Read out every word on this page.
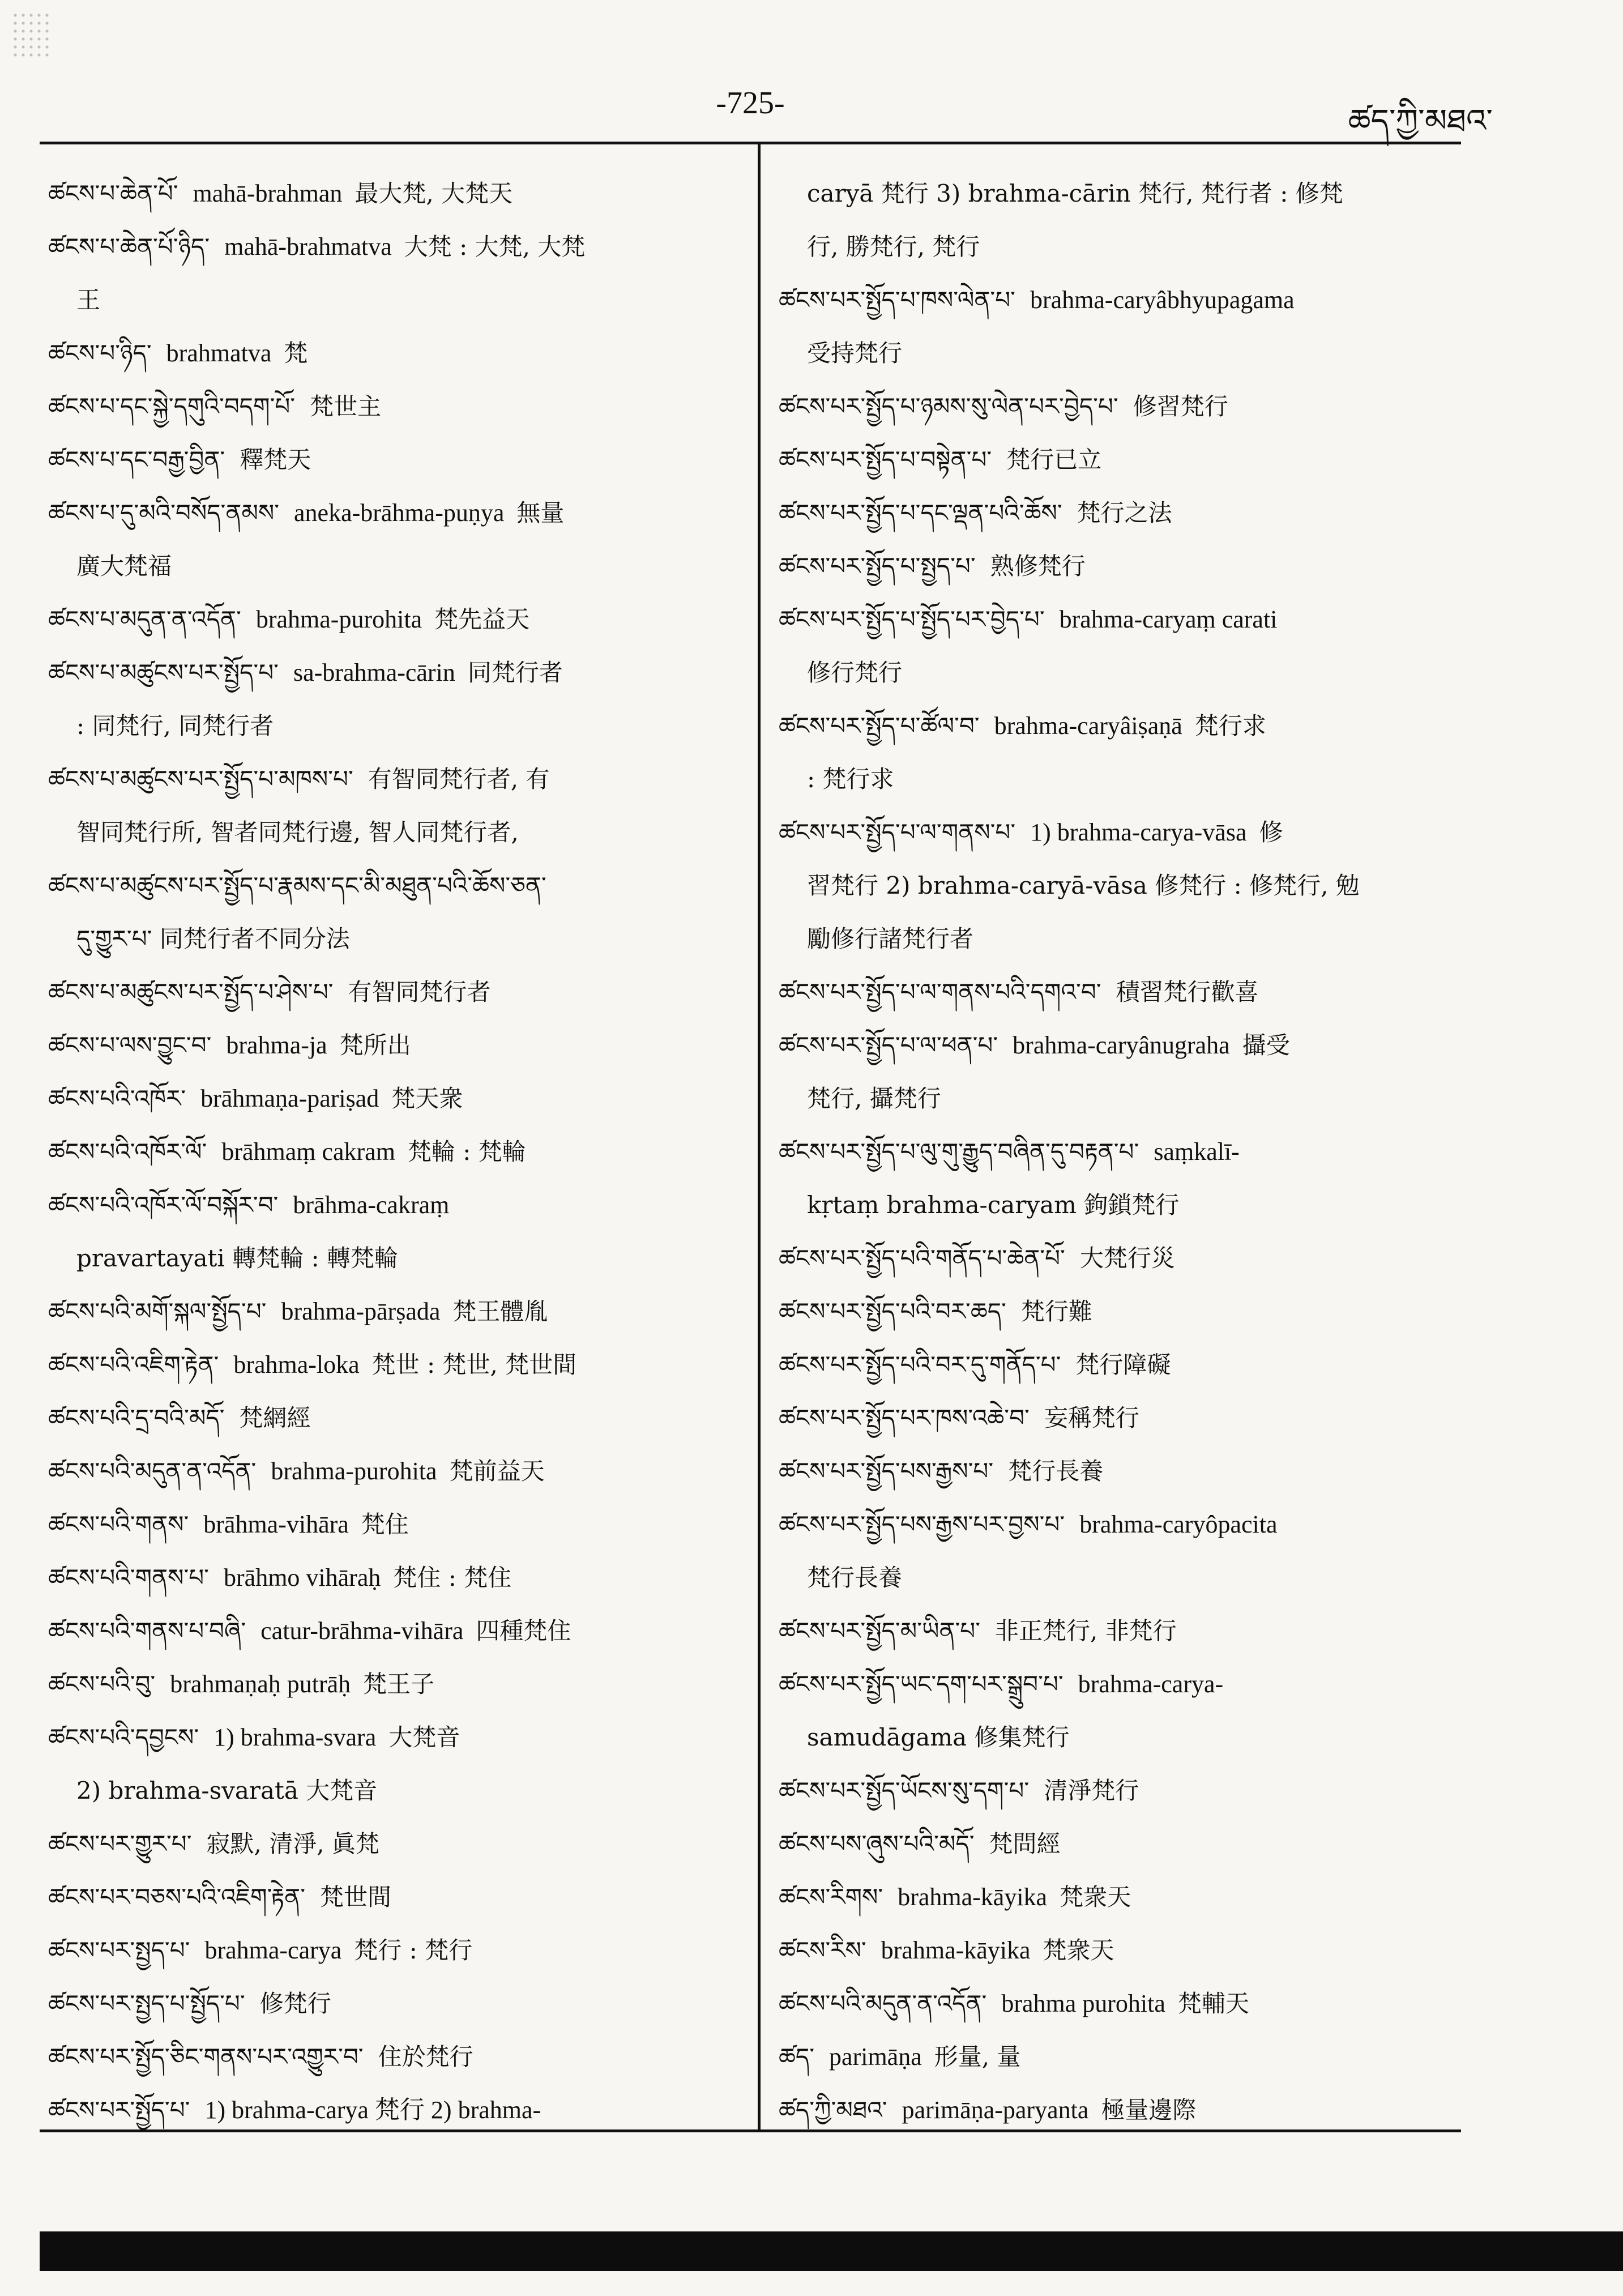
-725-	ཚད་ཀྱི་མཐའ་
ཚངས་པ་ཆེན་པོ་ mahā-brahman 最大梵, 大梵天
ཚངས་པ་ཆེན་པོ་ཉིད་ mahā-brahmatva 大梵 : 大梵, 大梵
王
ཚངས་པ་ཉིད་ brahmatva 梵
ཚངས་པ་དང་སྐྱེ་དགུའི་བདག་པོ་ 梵世主
ཚངས་པ་དང་བརྒྱ་བྱིན་ 釋梵天
ཚངས་པ་དུ་མའི་བསོད་ནམས་ aneka-brāhma-puṇya 無量
廣大梵福
ཚངས་པ་མདུན་ན་འདོན་ brahma-purohita 梵先益天
ཚངས་པ་མཚུངས་པར་སྤྱོད་པ་ sa-brahma-cārin 同梵行者
: 同梵行, 同梵行者
ཚངས་པ་མཚུངས་པར་སྤྱོད་པ་མཁས་པ་ 有智同梵行者, 有
智同梵行所, 智者同梵行邊, 智人同梵行者,
ཚངས་པ་མཚུངས་པར་སྤྱོད་པ་རྣམས་དང་མི་མཐུན་པའི་ཆོས་ཅན་
དུ་གྱུར་པ་ 同梵行者不同分法
ཚངས་པ་མཚུངས་པར་སྤྱོད་པ་ཤེས་པ་ 有智同梵行者
ཚངས་པ་ལས་བྱུང་བ་ brahma-ja 梵所出
ཚངས་པའི་འཁོར་ brāhmaṇa-pariṣad 梵天衆
ཚངས་པའི་འཁོར་ལོ་ brāhmaṃ cakram 梵輪 : 梵輪
ཚངས་པའི་འཁོར་ལོ་བསྐོར་བ་ brāhma-cakraṃ
pravartayati 轉梵輪 : 轉梵輪
ཚངས་པའི་མགོ་སྐལ་སྤྱོད་པ་ brahma-pārṣada 梵王體胤
ཚངས་པའི་འཇིག་རྟེན་ brahma-loka 梵世 : 梵世, 梵世間
ཚངས་པའི་དྲ་བའི་མདོ་ 梵網經
ཚངས་པའི་མདུན་ན་འདོན་ brahma-purohita 梵前益天
ཚངས་པའི་གནས་ brāhma-vihāra 梵住
ཚངས་པའི་གནས་པ་ brāhmo vihāraḥ 梵住 : 梵住
ཚངས་པའི་གནས་པ་བཞི་ catur-brāhma-vihāra 四種梵住
ཚངས་པའི་བུ་ brahmaṇaḥ putrāḥ 梵王子
ཚངས་པའི་དབྱངས་ 1) brahma-svara 大梵音
2) brahma-svaratā 大梵音
ཚངས་པར་གྱུར་པ་ 寂默, 清淨, 眞梵
ཚངས་པར་བཅས་པའི་འཇིག་རྟེན་ 梵世間
ཚངས་པར་སྤྱད་པ་ brahma-carya 梵行 : 梵行
ཚངས་པར་སྤྱད་པ་སྤྱོད་པ་ 修梵行
ཚངས་པར་སྤྱོད་ཅིང་གནས་པར་འགྱུར་བ་ 住於梵行
ཚངས་པར་སྤྱོད་པ་ 1) brahma-carya 梵行 2) brahma-
caryā 梵行 3) brahma-cārin 梵行, 梵行者 : 修梵
行, 勝梵行, 梵行
ཚངས་པར་སྤྱོད་པ་ཁས་ལེན་པ་ brahma-caryâbhyupagama
受持梵行
ཚངས་པར་སྤྱོད་པ་ཉམས་སུ་ལེན་པར་བྱེད་པ་ 修習梵行
ཚངས་པར་སྤྱོད་པ་བསྟེན་པ་ 梵行已立
ཚངས་པར་སྤྱོད་པ་དང་ལྡན་པའི་ཆོས་ 梵行之法
ཚངས་པར་སྤྱོད་པ་སྤྱད་པ་ 熟修梵行
ཚངས་པར་སྤྱོད་པ་སྤྱོད་པར་བྱེད་པ་ brahma-caryaṃ carati
修行梵行
ཚངས་པར་སྤྱོད་པ་ཚོལ་བ་ brahma-caryâiṣaṇā 梵行求
: 梵行求
ཚངས་པར་སྤྱོད་པ་ལ་གནས་པ་ 1) brahma-carya-vāsa 修
習梵行 2) brahma-caryā-vāsa 修梵行 : 修梵行, 勉
勵修行諸梵行者
ཚངས་པར་སྤྱོད་པ་ལ་གནས་པའི་དགའ་བ་ 積習梵行歡喜
ཚངས་པར་སྤྱོད་པ་ལ་ཕན་པ་ brahma-caryânugraha 攝受
梵行, 攝梵行
ཚངས་པར་སྤྱོད་པ་ལུ་གུ་རྒྱུད་བཞིན་དུ་བརྟན་པ་ saṃkalī-
kṛtaṃ brahma-caryam 鉤鎖梵行
ཚངས་པར་སྤྱོད་པའི་གནོད་པ་ཆེན་པོ་ 大梵行災
ཚངས་པར་སྤྱོད་པའི་བར་ཆད་ 梵行難
ཚངས་པར་སྤྱོད་པའི་བར་དུ་གནོད་པ་ 梵行障礙
ཚངས་པར་སྤྱོད་པར་ཁས་འཆེ་བ་ 妄稱梵行
ཚངས་པར་སྤྱོད་པས་རྒྱས་པ་ 梵行長養
ཚངས་པར་སྤྱོད་པས་རྒྱས་པར་བྱས་པ་ brahma-caryôpacita
梵行長養
ཚངས་པར་སྤྱོད་མ་ཡིན་པ་ 非正梵行, 非梵行
ཚངས་པར་སྤྱོད་ཡང་དག་པར་སྒྲུབ་པ་ brahma-carya-
samudāgama 修集梵行
ཚངས་པར་སྤྱོད་ཡོངས་སུ་དག་པ་ 清淨梵行
ཚངས་པས་ཞུས་པའི་མདོ་ 梵問經
ཚངས་རིགས་ brahma-kāyika 梵衆天
ཚངས་རིས་ brahma-kāyika 梵衆天
ཚངས་པའི་མདུན་ན་འདོན་ brahma purohita 梵輔天
ཚད་ parimāṇa 形量, 量
ཚད་ཀྱི་མཐའ་ parimāṇa-paryanta 極量邊際
